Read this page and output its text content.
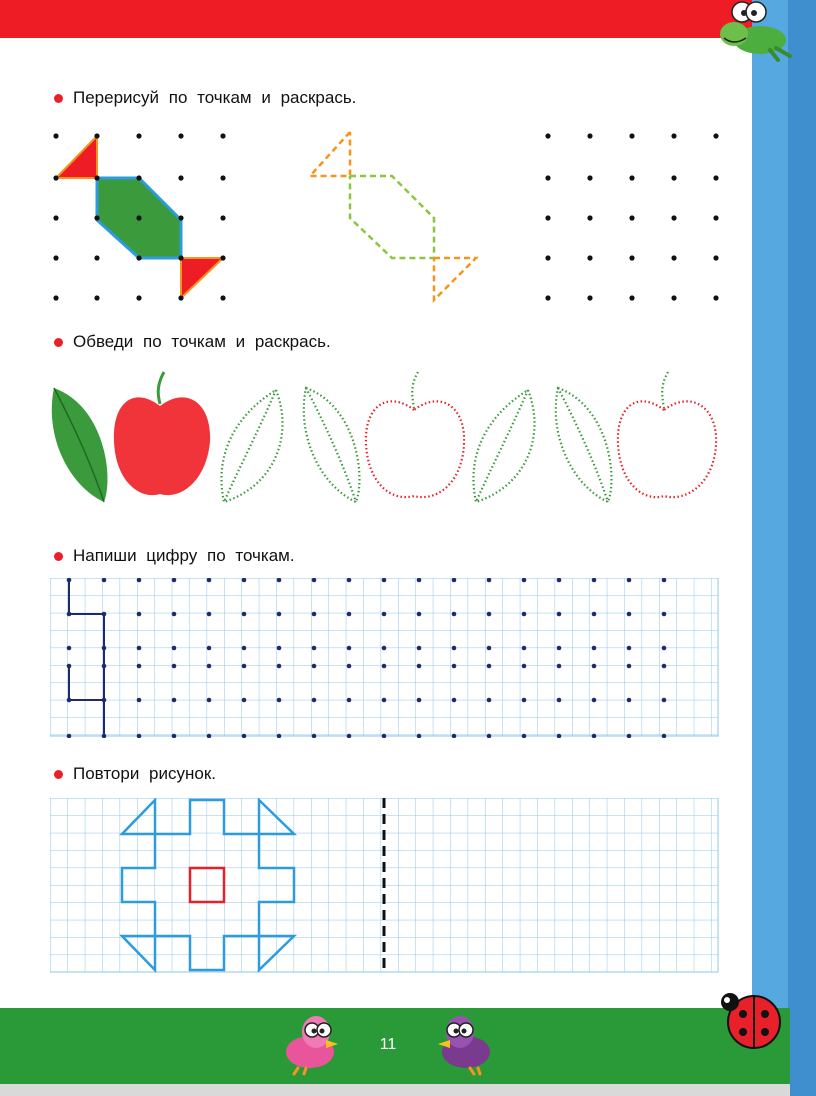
Перерисуй по точкам и раскрась.
Обведи по точкам и раскрась.
Напиши цифру по точкам.
Повтори рисунок.
11
